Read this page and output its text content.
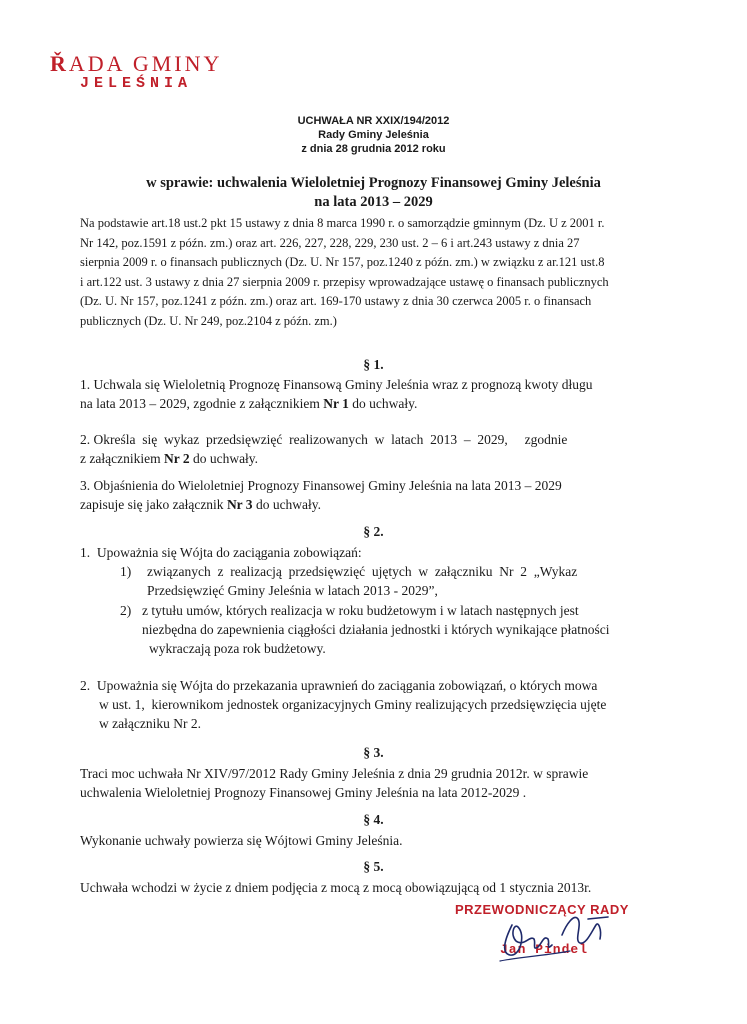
ŘADA GMINY
JELEŚNIA
UCHWAŁA NR XXIX/194/2012
Rady Gminy Jeleśnia
z dnia 28 grudnia 2012 roku
w sprawie: uchwalenia Wieloletniej Prognozy Finansowej Gminy Jeleśnia
na lata 2013 – 2029
Na podstawie art.18 ust.2 pkt 15 ustawy z dnia 8 marca 1990 r. o samorządzie gminnym (Dz. U z 2001 r.
Nr 142, poz.1591 z późn. zm.) oraz art. 226, 227, 228, 229, 230 ust. 2 – 6 i art.243 ustawy z dnia 27
sierpnia 2009 r. o finansach publicznych (Dz. U. Nr 157, poz.1240 z późn. zm.) w związku z ar.121 ust.8
i art.122 ust. 3 ustawy z dnia 27 sierpnia 2009 r. przepisy wprowadzające ustawę o finansach publicznych
(Dz. U. Nr 157, poz.1241 z późn. zm.) oraz art. 169-170 ustawy z dnia 30 czerwca 2005 r. o finansach
publicznych (Dz. U. Nr 249, poz.2104 z późn. zm.)
§ 1.
1. Uchwala się Wieloletnią Prognozę Finansową Gminy Jeleśnia wraz z prognozą kwoty długu
na lata 2013 – 2029, zgodnie z załącznikiem Nr 1 do uchwały.
2. Określa  się  wykaz  przedsięwzięć  realizowanych  w  latach  2013  –  2029,     zgodnie
z załącznikiem Nr 2 do uchwały.
3. Objaśnienia do Wieloletniej Prognozy Finansowej Gminy Jeleśnia na lata 2013 – 2029
zapisuje się jako załącznik Nr 3 do uchwały.
§ 2.
1.  Upoważnia się Wójta do zaciągania zobowiązań:
1) związanych  z  realizacją  przedsięwzięć  ujętych  w  załączniku  Nr  2  „Wykaz
Przedsięwzięć Gminy Jeleśnia w latach 2013 - 2029”,
2) z tytułu umów, których realizacja w roku budżetowym i w latach następnych jest
niezbędna do zapewnienia ciągłości działania jednostki i których wynikające płatności
wykraczają poza rok budżetowy.
2.  Upoważnia się Wójta do przekazania uprawnień do zaciągania zobowiązań, o których mowa
w ust. 1,  kierownikom jednostek organizacyjnych Gminy realizujących przedsięwzięcia ujęte
w załączniku Nr 2.
§ 3.
Traci moc uchwała Nr XIV/97/2012 Rady Gminy Jeleśnia z dnia 29 grudnia 2012r. w sprawie
uchwalenia Wieloletniej Prognozy Finansowej Gminy Jeleśnia na lata 2012-2029 .
§ 4.
Wykonanie uchwały powierza się Wójtowi Gminy Jeleśnia.
§ 5.
Uchwała wchodzi w życie z dniem podjęcia z mocą z mocą obowiązującą od 1 stycznia 2013r.
PRZEWODNICZĄCY RADY
Jan Pindel
